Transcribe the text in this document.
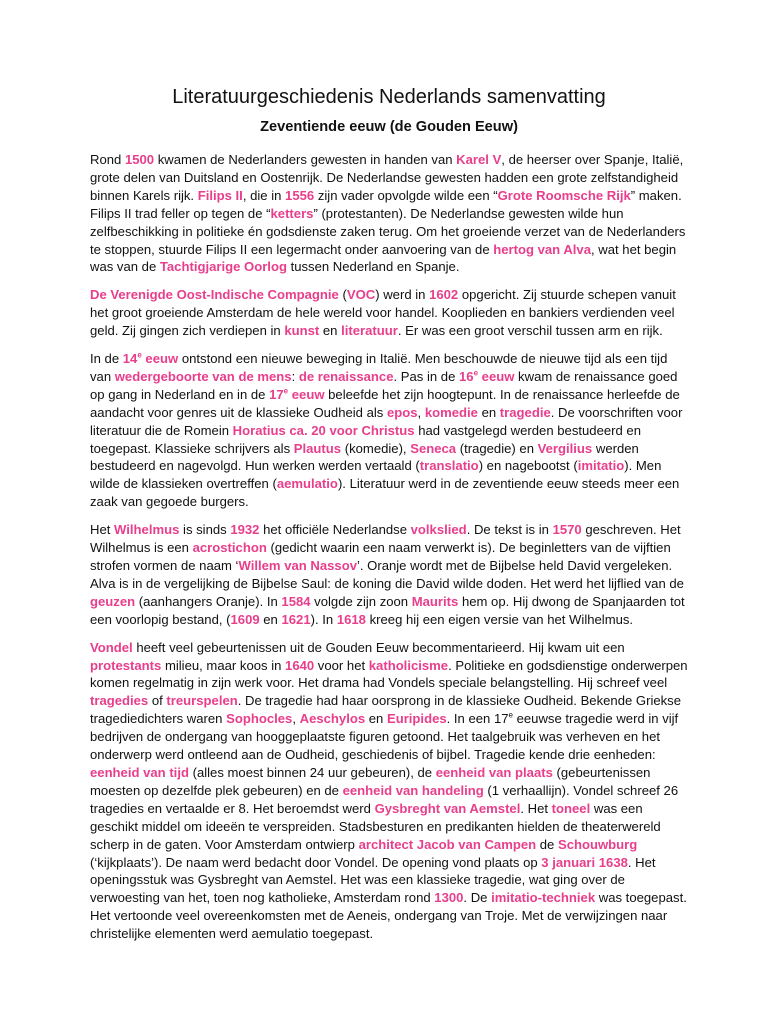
Literatuurgeschiedenis Nederlands samenvatting
Zeventiende eeuw (de Gouden Eeuw)

Rond 1500 kwamen de Nederlanders gewesten in handen van Karel V, de heerser over Spanje, Italië, grote delen van Duitsland en Oostenrijk. De Nederlandse gewesten hadden een grote zelfstandigheid binnen Karels rijk. Filips II, die in 1556 zijn vader opvolgde wilde een “Grote Roomsche Rijk” maken. Filips II trad feller op tegen de “ketters” (protestanten). De Nederlandse gewesten wilde hun zelfbeschikking in politieke én godsdienste zaken terug. Om het groeiende verzet van de Nederlanders te stoppen, stuurde Filips II een legermacht onder aanvoering van de hertog van Alva, wat het begin was van de Tachtigjarige Oorlog tussen Nederland en Spanje.

De Verenigde Oost-Indische Compagnie (VOC) werd in 1602 opgericht. Zij stuurde schepen vanuit het groot groeiende Amsterdam de hele wereld voor handel. Kooplieden en bankiers verdienden veel geld. Zij gingen zich verdiepen in kunst en literatuur. Er was een groot verschil tussen arm en rijk.

In de 14e eeuw ontstond een nieuwe beweging in Italië. Men beschouwde de nieuwe tijd als een tijd van wedergeboorte van de mens: de renaissance. Pas in de 16e eeuw kwam de renaissance goed op gang in Nederland en in de 17e eeuw beleefde het zijn hoogtepunt. In de renaissance herleefde de aandacht voor genres uit de klassieke Oudheid als epos, komedie en tragedie. De voorschriften voor literatuur die de Romein Horatius ca. 20 voor Christus had vastgelegd werden bestudeerd en toegepast. Klassieke schrijvers als Plautus (komedie), Seneca (tragedie) en Vergilius werden bestudeerd en nagevolgd. Hun werken werden vertaald (translatio) en nagebootst (imitatio). Men wilde de klassieken overtreffen (aemulatio). Literatuur werd in de zeventiende eeuw steeds meer een zaak van gegoede burgers.

Het Wilhelmus is sinds 1932 het officiële Nederlandse volkslied. De tekst is in 1570 geschreven. Het Wilhelmus is een acrostichon (gedicht waarin een naam verwerkt is). De beginletters van de vijftien strofen vormen de naam ‘Willem van Nassov’. Oranje wordt met de Bijbelse held David vergeleken. Alva is in de vergelijking de Bijbelse Saul: de koning die David wilde doden. Het werd het lijflied van de geuzen (aanhangers Oranje). In 1584 volgde zijn zoon Maurits hem op. Hij dwong de Spanjaarden tot een voorlopig bestand, (1609 en 1621). In 1618 kreeg hij een eigen versie van het Wilhelmus.

Vondel heeft veel gebeurtenissen uit de Gouden Eeuw becommentarieerd. Hij kwam uit een protestants milieu, maar koos in 1640 voor het katholicisme. Politieke en godsdienstige onderwerpen komen regelmatig in zijn werk voor. Het drama had Vondels speciale belangstelling. Hij schreef veel tragedies of treurspelen. De tragedie had haar oorsprong in de klassieke Oudheid. Bekende Griekse tragediedichters waren Sophocles, Aeschylos en Euripides. In een 17e eeuwse tragedie werd in vijf bedrijven de ondergang van hooggeplaatste figuren getoond. Het taalgebruik was verheven en het onderwerp werd ontleend aan de Oudheid, geschiedenis of bijbel. Tragedie kende drie eenheden: eenheid van tijd (alles moest binnen 24 uur gebeuren), de eenheid van plaats (gebeurtenissen moesten op dezelfde plek gebeuren) en de eenheid van handeling (1 verhaallijn). Vondel schreef 26 tragedies en vertaalde er 8. Het beroemdst werd Gysbreght van Aemstel. Het toneel was een geschikt middel om ideeën te verspreiden. Stadsbesturen en predikanten hielden de theaterwereld scherp in de gaten. Voor Amsterdam ontwierp architect Jacob van Campen de Schouwburg (‘kijkplaats’). De naam werd bedacht door Vondel. De opening vond plaats op 3 januari 1638. Het openingsstuk was Gysbreght van Aemstel. Het was een klassieke tragedie, wat ging over de verwoesting van het, toen nog katholieke, Amsterdam rond 1300. De imitatio-techniek was toegepast. Het vertoonde veel overeenkomsten met de Aeneis, ondergang van Troje. Met de verwijzingen naar christelijke elementen werd aemulatio toegepast.
